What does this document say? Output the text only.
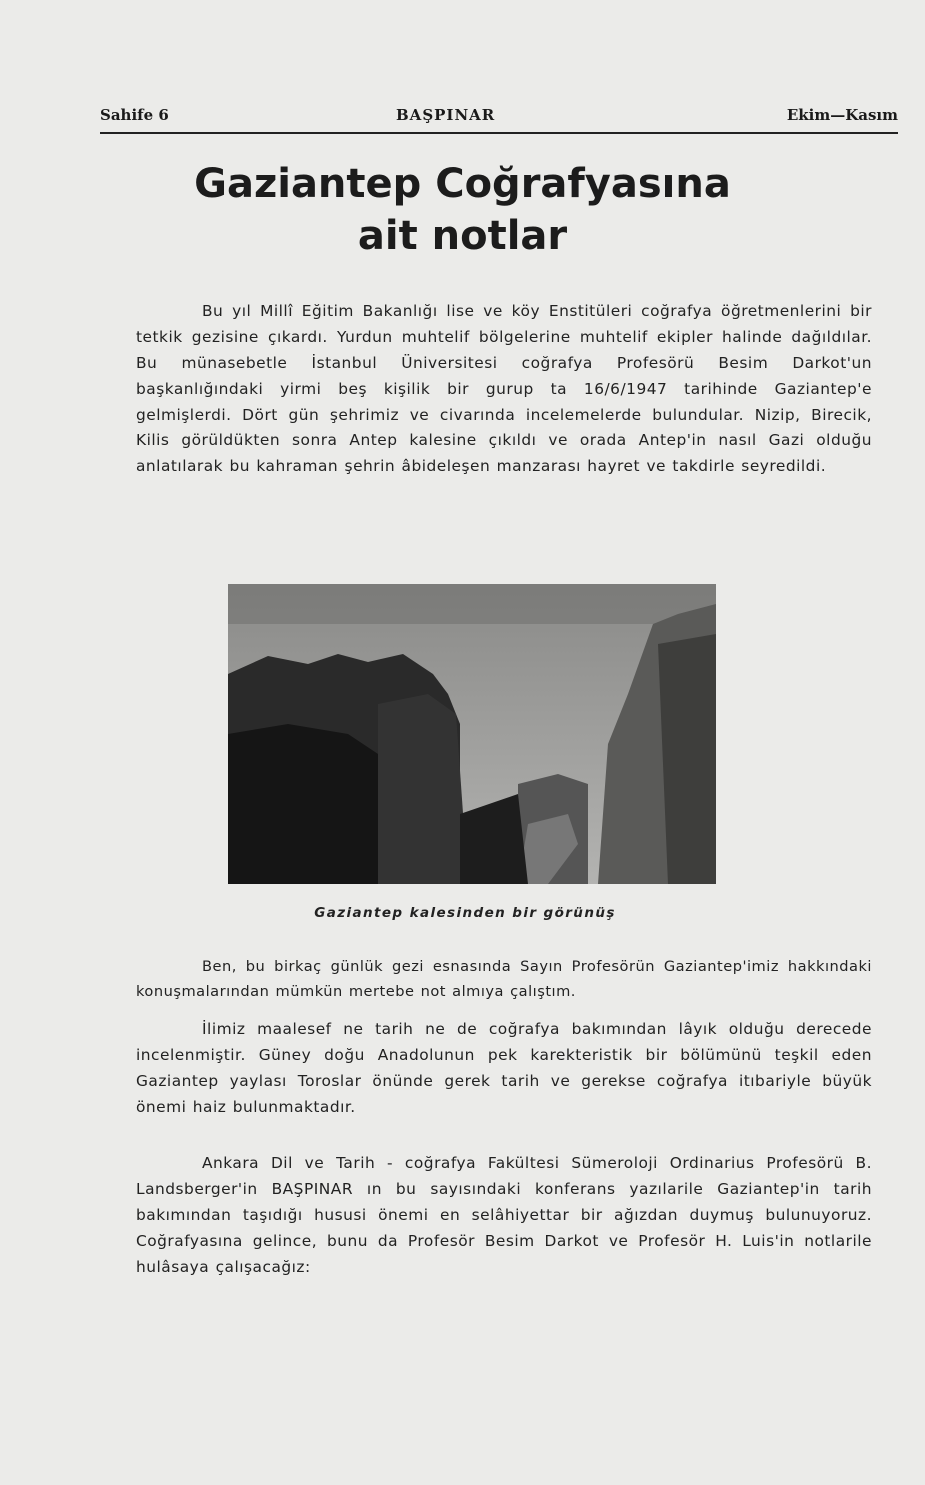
Sahife 6	BAŞPINAR	Ekim—Kasım
Gaziantep Coğrafyasına
ait notlar

Bu yıl Millî Eğitim Bakanlığı lise ve köy Enstitüleri coğrafya öğretmenlerini bir tetkik gezisine çıkardı. Yurdun muhtelif bölgelerine muhtelif ekipler halinde dağıldılar. Bu münasebetle İstanbul Üniversitesi coğrafya Profesörü Besim Darkot'un başkanlığındaki yirmi beş kişilik bir gurup ta 16/6/1947 tarihinde Gaziantep'e gelmişlerdi. Dört gün şehrimiz ve civarında incelemelerde bulundular. Nizip, Birecik, Kilis görüldükten sonra Antep kalesine çıkıldı ve orada Antep'in nasıl Gazi olduğu anlatılarak bu kahraman şehrin âbideleşen manzarası hayret ve takdirle seyredildi.

Gaziantep kalesinden bir görünüş

Ben, bu birkaç günlük gezi esnasında Sayın Profesörün Gaziantep'imiz hakkındaki konuşmalarından mümkün mertebe not almıya çalıştım.

İlimiz maalesef ne tarih ne de coğrafya bakımından lâyık olduğu derecede incelenmiştir. Güney doğu Anadolunun pek karekteristik bir bölümünü teşkil eden Gaziantep yaylası Toroslar önünde gerek tarih ve gerekse coğrafya itıbariyle büyük önemi haiz bulunmaktadır.

Ankara Dil ve Tarih - coğrafya Fakültesi Sümeroloji Ordinarius Profesörü B. Landsberger'in BAŞPINAR ın bu sayısındaki konferans yazılarile Gaziantep'in tarih bakımından taşıdığı hususi önemi en selâhiyettar bir ağızdan duymuş bulunuyoruz. Coğrafyasına gelince, bunu da Profesör Besim Darkot ve Profesör H. Luis'in notlarile hulâsaya çalışacağız:
